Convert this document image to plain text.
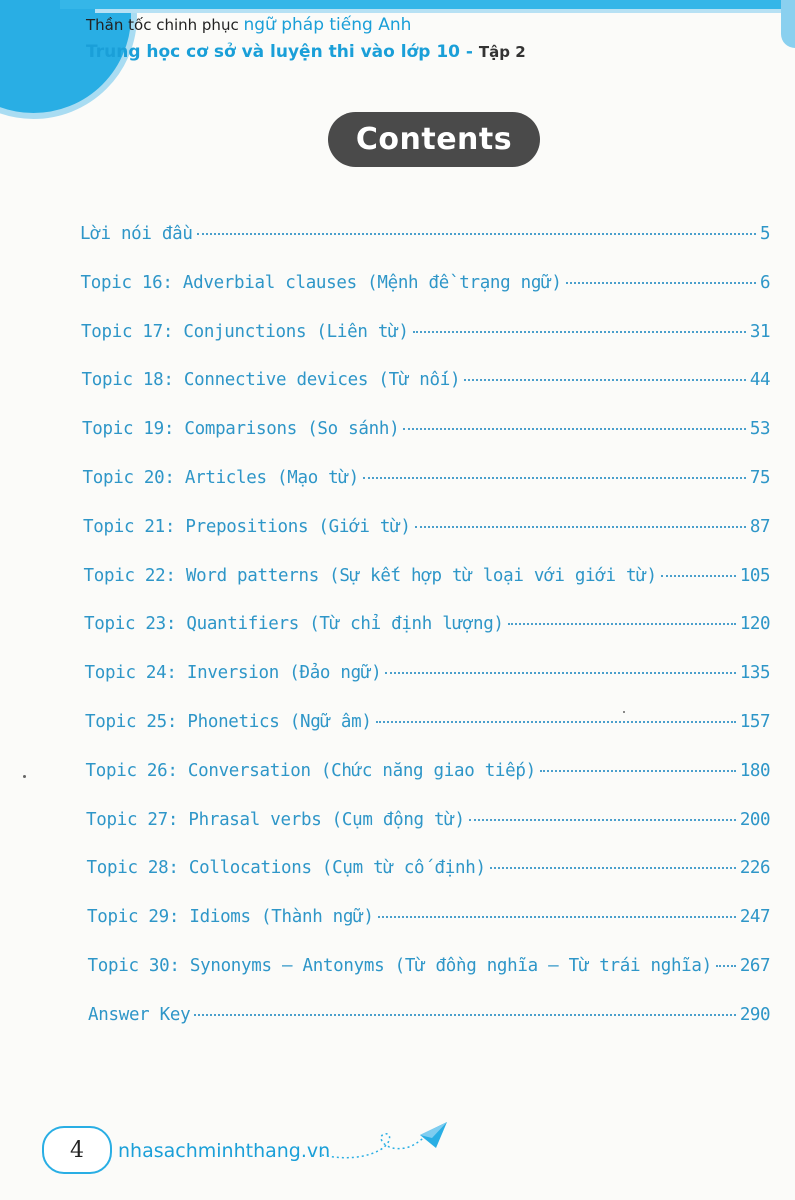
Thần tốc chinh phục ngữ pháp tiếng Anh
Trung học cơ sở và luyện thi vào lớp 10 - Tập 2
Contents
Lời nói đầu	5
Topic 16: Adverbial clauses (Mệnh đề trạng ngữ)	6
Topic 17: Conjunctions (Liên từ)	31
Topic 18: Connective devices (Từ nối)	44
Topic 19: Comparisons (So sánh)	53
Topic 20: Articles (Mạo từ)	75
Topic 21: Prepositions (Giới từ)	87
Topic 22: Word patterns (Sự kết hợp từ loại với giới từ)	105
Topic 23: Quantifiers (Từ chỉ định lượng)	120
Topic 24: Inversion (Đảo ngữ)	135
Topic 25: Phonetics (Ngữ âm)	157
Topic 26: Conversation (Chức năng giao tiếp)	180
Topic 27: Phrasal verbs (Cụm động từ)	200
Topic 28: Collocations (Cụm từ cố định)	226
Topic 29: Idioms (Thành ngữ)	247
Topic 30: Synonyms – Antonyms (Từ đồng nghĩa – Từ trái nghĩa) 267
Answer Key	290
4 nhasachminhthang.vn
